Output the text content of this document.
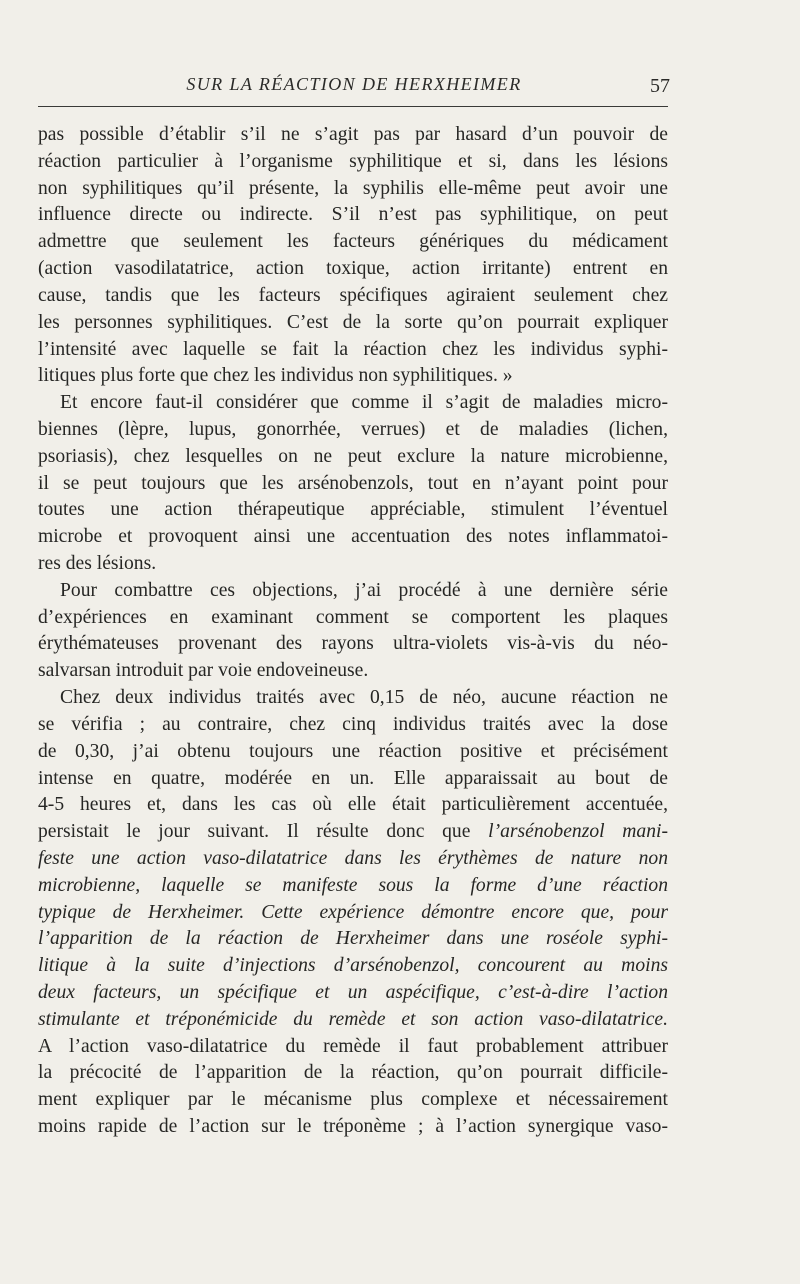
SUR LA RÉACTION DE HERXHEIMER	57
pas possible d’établir s’il ne s’agit pas par hasard d’un pouvoir de
réaction particulier à l’organisme syphilitique et si, dans les lésions
non syphilitiques qu’il présente, la syphilis elle-même peut avoir une
influence directe ou indirecte. S’il n’est pas syphilitique, on peut
admettre que seulement les facteurs génériques du médicament
(action vasodilatatrice, action toxique, action irritante) entrent en
cause, tandis que les facteurs spécifiques agiraient seulement chez
les personnes syphilitiques. C’est de la sorte qu’on pourrait expliquer
l’intensité avec laquelle se fait la réaction chez les individus syphi-
litiques plus forte que chez les individus non syphilitiques. »
Et encore faut-il considérer que comme il s’agit de maladies micro-
biennes (lèpre, lupus, gonorrhée, verrues) et de maladies (lichen,
psoriasis), chez lesquelles on ne peut exclure la nature microbienne,
il se peut toujours que les arsénobenzols, tout en n’ayant point pour
toutes une action thérapeutique appréciable, stimulent l’éventuel
microbe et provoquent ainsi une accentuation des notes inflammatoi-
res des lésions.
Pour combattre ces objections, j’ai procédé à une dernière série
d’expériences en examinant comment se comportent les plaques
érythémateuses provenant des rayons ultra-violets vis-à-vis du néo-
salvarsan introduit par voie endoveineuse.
Chez deux individus traités avec 0,15 de néo, aucune réaction ne
se vérifia ; au contraire, chez cinq individus traités avec la dose
de 0,30, j’ai obtenu toujours une réaction positive et précisément
intense en quatre, modérée en un. Elle apparaissait au bout de
4-5 heures et, dans les cas où elle était particulièrement accentuée,
persistait le jour suivant. Il résulte donc que l’arsénobenzol mani-
feste une action vaso-dilatatrice dans les érythèmes de nature non
microbienne, laquelle se manifeste sous la forme d’une réaction
typique de Herxheimer. Cette expérience démontre encore que, pour
l’apparition de la réaction de Herxheimer dans une roséole syphi-
litique à la suite d’injections d’arsénobenzol, concourent au moins
deux facteurs, un spécifique et un aspécifique, c’est-à-dire l’action
stimulante et tréponémicide du remède et son action vaso-dilatatrice.
A l’action vaso-dilatatrice du remède il faut probablement attribuer
la précocité de l’apparition de la réaction, qu’on pourrait difficile-
ment expliquer par le mécanisme plus complexe et nécessairement
moins rapide de l’action sur le tréponème ; à l’action synergique vaso-
